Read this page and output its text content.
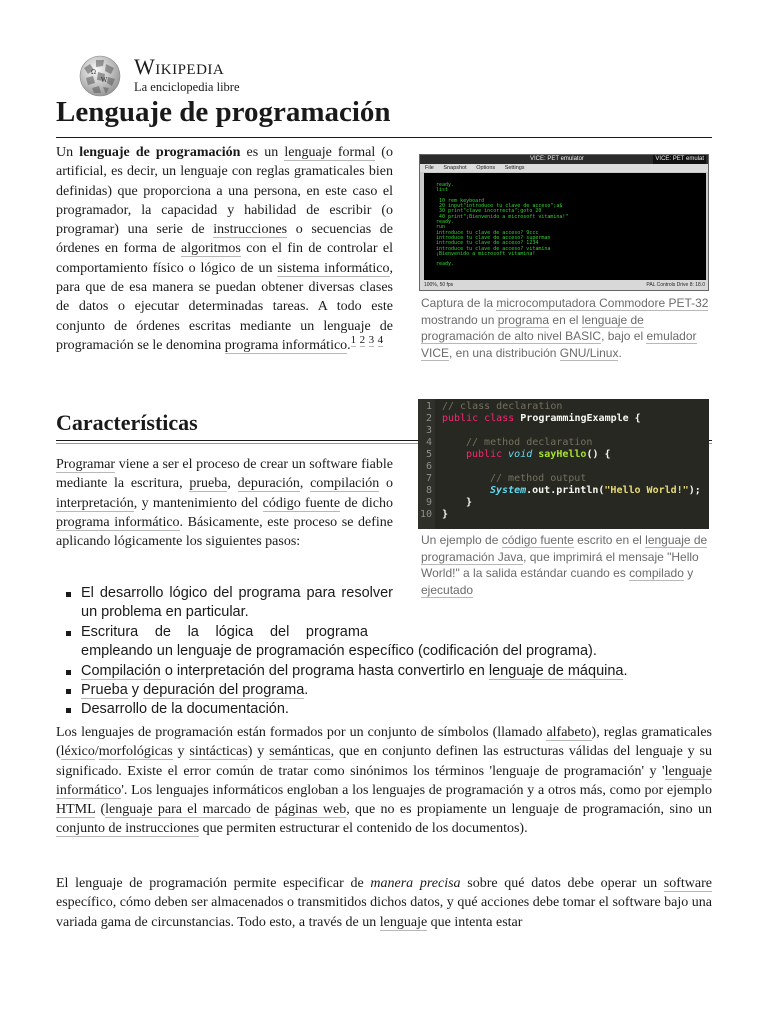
Ω
W
Wikipedia
La enciclopedia libre
Lenguaje de programación

Un lenguaje de programación es un lenguaje formal (o artificial, es decir, un lenguaje con reglas gramaticales bien definidas) que proporciona a una persona, en este caso el programador, la capacidad y habilidad de escribir (o programar) una serie de instrucciones o secuencias de órdenes en forma de algoritmos con el fin de controlar el comportamiento físico o lógico de un sistema informático, para que de esa manera se puedan obtener diversas clases de datos o ejecutar determinadas tareas. A todo este conjunto de órdenes escritas mediante un lenguaje de programación se le denomina programa informático.$^1$ $^2$ $^3$ $^4$

VICE: PET emulator	VICE: PET emulat
File Snapshot Options Settings
ready.
list

10 rem keyboard
20 input"introduce tu clave de acceso";a$
30 print"clave incorrecta";goto 20
40 print"¡Bienvenido a microsoft vitamina!"
ready.
run
introduce tu clave de acceso? 9ccc
introduce tu clave de acceso? superman
introduce tu clave de acceso? 1234
introduce tu clave de acceso? vitamina
¡Bienvenido a microsoft vitamina!

ready.
100%, 50 fps	PAL Controls Drive 8: 18.0

Captura de la microcomputadora Commodore PET-32 mostrando un programa en el lenguaje de programación de alto nivel BASIC, bajo el emulador VICE, en una distribución GNU/Linux.

Características

Programar viene a ser el proceso de crear un software fiable mediante la escritura, prueba, depuración, compilación o interpretación, y mantenimiento del código fuente de dicho programa informático. Básicamente, este proceso se define aplicando lógicamente los siguientes pasos:

1 // class declaration
2 public class ProgrammingExample {
3
4	// method declaration
5	public void sayHello() {
6
7	// method output
8	System.out.println("Hello World!");
9	}
10 }

Un ejemplo de código fuente escrito en el lenguaje de programación Java, que imprimirá el mensaje "Hello World!" a la salida estándar cuando es compilado y ejecutado

El desarrollo lógico del programa para resolver un problema en particular.
Escritura de la lógica del programa
empleando un lenguaje de programación específico (codificación del programa).
Compilación o interpretación del programa hasta convertirlo en lenguaje de máquina.
Prueba y depuración del programa.
Desarrollo de la documentación.

Los lenguajes de programación están formados por un conjunto de símbolos (llamado alfabeto), reglas gramaticales (léxico/morfológicas y sintácticas) y semánticas, que en conjunto definen las estructuras válidas del lenguaje y su significado. Existe el error común de tratar como sinónimos los términos 'lenguaje de programación' y 'lenguaje informático'. Los lenguajes informáticos engloban a los lenguajes de programación y a otros más, como por ejemplo HTML (lenguaje para el marcado de páginas web, que no es propiamente un lenguaje de programación, sino un conjunto de instrucciones que permiten estructurar el contenido de los documentos).

El lenguaje de programación permite especificar de manera precisa sobre qué datos debe operar un software específico, cómo deben ser almacenados o transmitidos dichos datos, y qué acciones debe tomar el software bajo una variada gama de circunstancias. Todo esto, a través de un lenguaje que intenta estar
